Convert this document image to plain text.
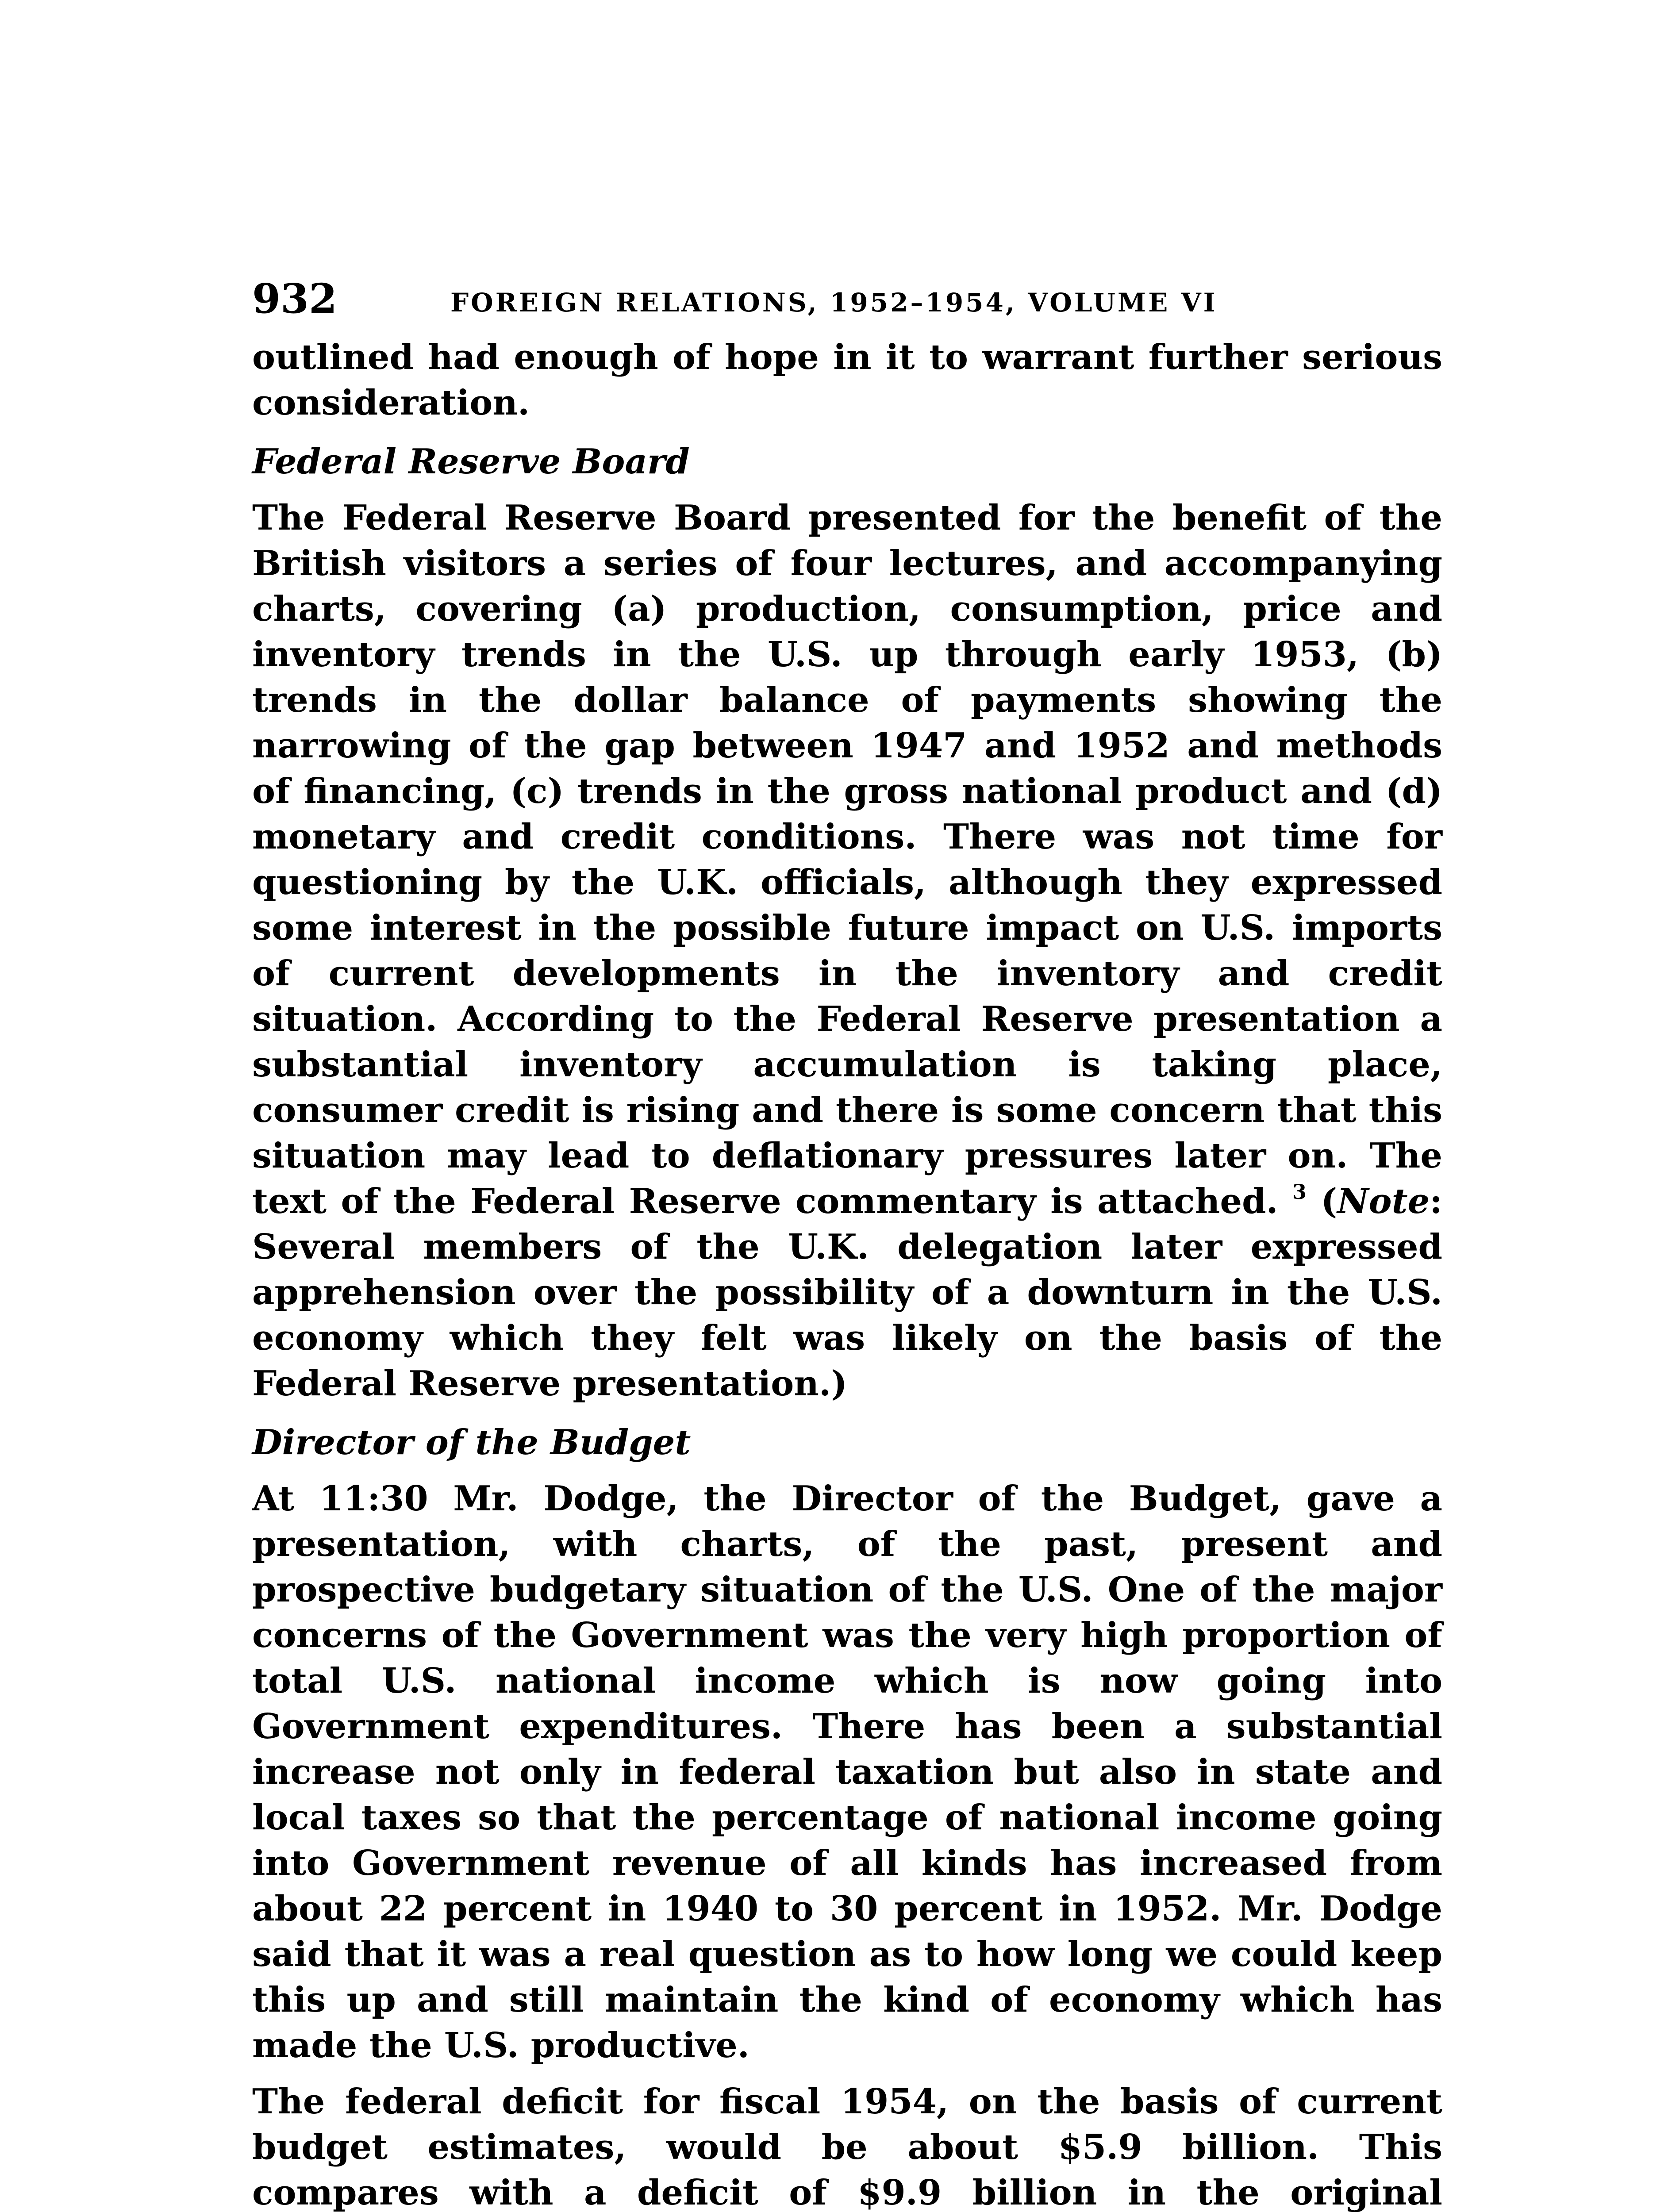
932	FOREIGN RELATIONS, 1952–1954, VOLUME VI

outlined had enough of hope in it to warrant further serious consideration.

Federal Reserve Board

The Federal Reserve Board presented for the benefit of the British visitors a series of four lectures, and accompanying charts, covering (a) production, consumption, price and inventory trends in the U.S. up through early 1953, (b) trends in the dollar balance of payments showing the narrowing of the gap between 1947 and 1952 and methods of financing, (c) trends in the gross national product and (d) monetary and credit conditions. There was not time for questioning by the U.K. officials, although they expressed some interest in the possible future impact on U.S. imports of current developments in the inventory and credit situation. According to the Federal Reserve presentation a substantial inventory accumulation is taking place, consumer credit is rising and there is some concern that this situation may lead to deflationary pressures later on. The text of the Federal Reserve commentary is attached. $^3$ (Note: Several members of the U.K. delegation later expressed apprehension over the possibility of a downturn in the U.S. economy which they felt was likely on the basis of the Federal Reserve presentation.)

Director of the Budget

At 11:30 Mr. Dodge, the Director of the Budget, gave a presentation, with charts, of the past, present and prospective budgetary situation of the U.S. One of the major concerns of the Government was the very high proportion of total U.S. national income which is now going into Government expenditures. There has been a substantial increase not only in federal taxation but also in state and local taxes so that the percentage of national income going into Government revenue of all kinds has increased from about 22 percent in 1940 to 30 percent in 1952. Mr. Dodge said that it was a real question as to how long we could keep this up and still maintain the kind of economy which has made the U.S. productive.

The federal deficit for fiscal 1954, on the basis of current budget estimates, would be about $5.9 billion. This compares with a deficit of $9.9 billion in the original
